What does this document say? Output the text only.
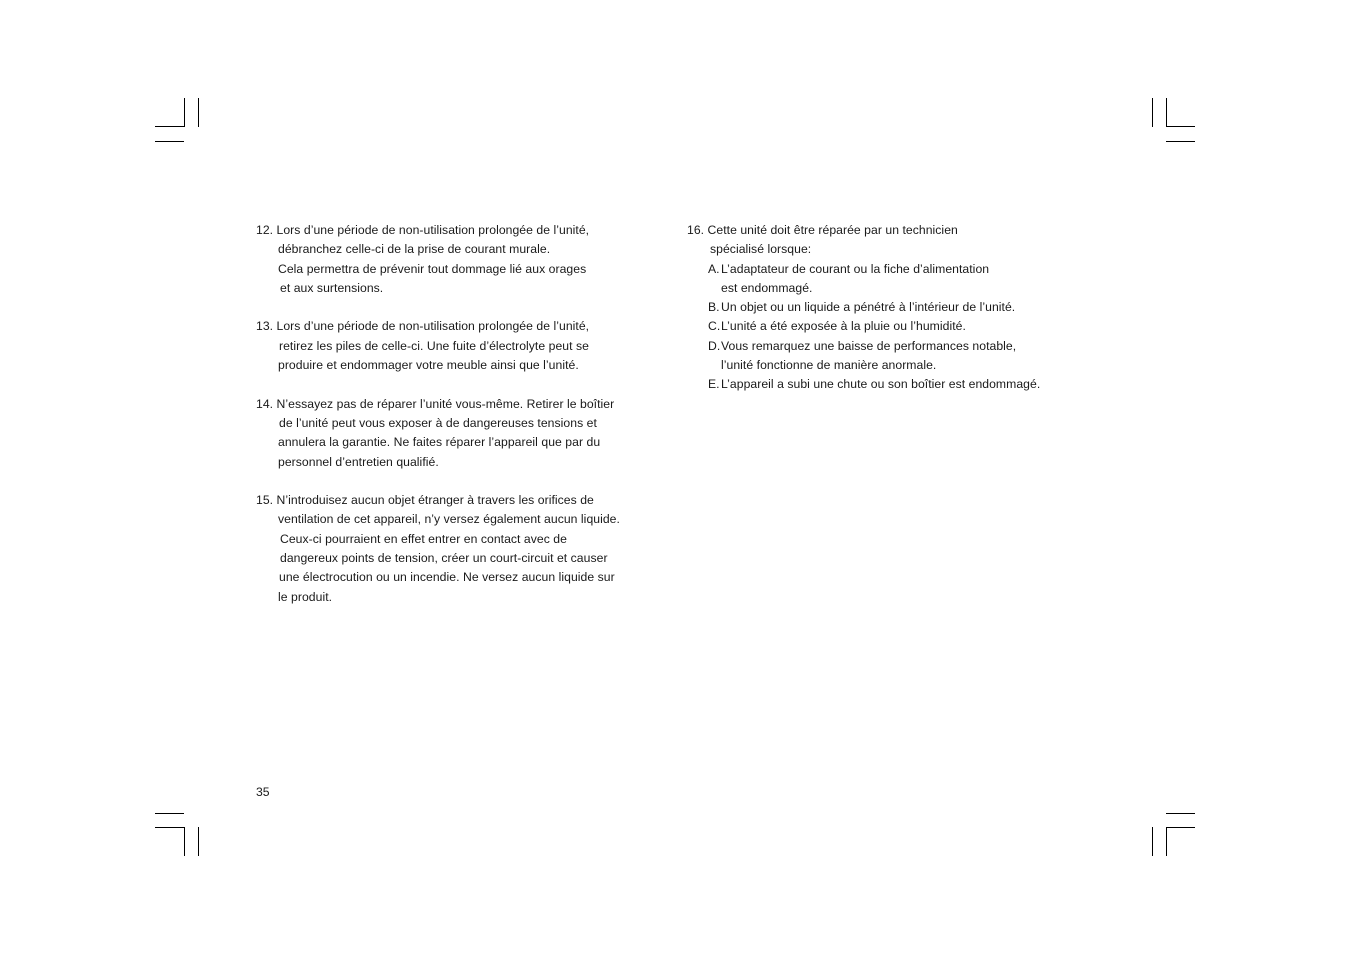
12. Lors d’une période de non-utilisation prolongée de l’unité,
débranchez celle-ci de la prise de courant murale.
Cela permettra de prévenir tout dommage lié aux orages
et aux surtensions.
13. Lors d’une période de non-utilisation prolongée de l’unité,
retirez les piles de celle-ci. Une fuite d’électrolyte peut se
produire et endommager votre meuble ainsi que l’unité.
14. N’essayez pas de réparer l’unité vous-même. Retirer le boîtier
de l’unité peut vous exposer à de dangereuses tensions et
annulera la garantie. Ne faites réparer l’appareil que par du
personnel d’entretien qualifié.
15. N’introduisez aucun objet étranger à travers les orifices de
ventilation de cet appareil, n’y versez également aucun liquide.
Ceux-ci pourraient en effet entrer en contact avec de
dangereux points de tension, créer un court-circuit et causer
une électrocution ou un incendie. Ne versez aucun liquide sur
le produit.
16. Cette unité doit être réparée par un technicien
spécialisé lorsque:
A.L’adaptateur de courant ou la fiche d’alimentation
est endommagé.
B.Un objet ou un liquide a pénétré à l’intérieur de l’unité.
C.L’unité a été exposée à la pluie ou l’humidité.
D.Vous remarquez une baisse de performances notable,
l’unité fonctionne de manière anormale.
E.L’appareil a subi une chute ou son boîtier est endommagé.
35
